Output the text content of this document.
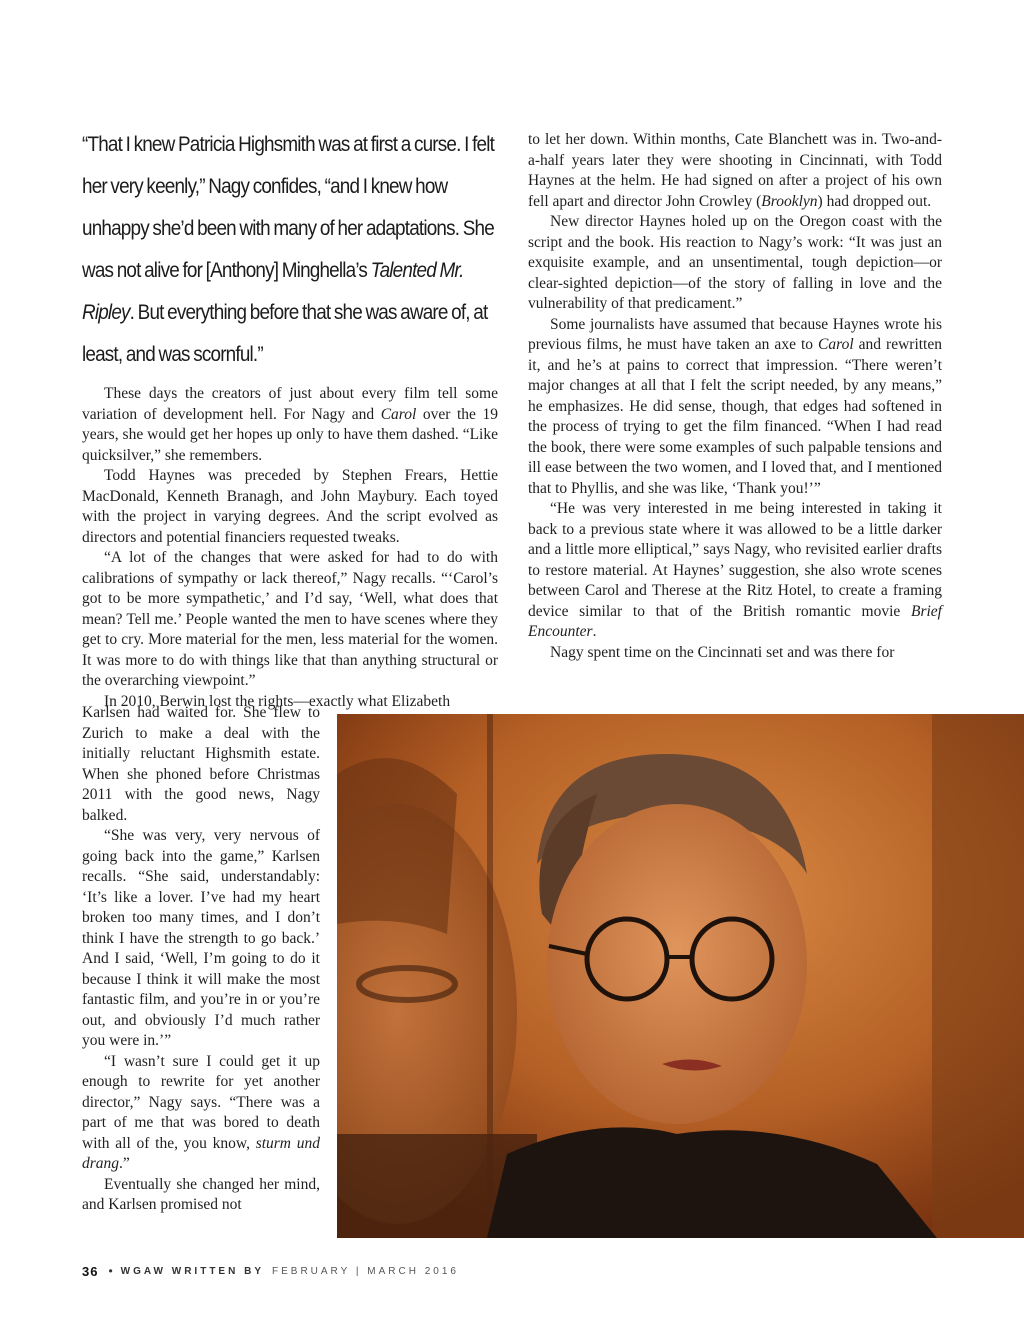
“That I knew Patricia Highsmith was at first a curse. I felt her very keenly,” Nagy confides, “and I knew how unhappy she’d been with many of her adaptations. She was not alive for [Anthony] Minghella’s Talented Mr. Ripley. But everything before that she was aware of, at least, and was scornful.”

These days the creators of just about every film tell some variation of development hell. For Nagy and Carol over the 19 years, she would get her hopes up only to have them dashed. “Like quicksilver,” she remembers.

Todd Haynes was preceded by Stephen Frears, Hettie MacDonald, Kenneth Branagh, and John Maybury. Each toyed with the project in varying degrees. And the script evolved as directors and potential financiers requested tweaks.

“A lot of the changes that were asked for had to do with calibrations of sympathy or lack thereof,” Nagy recalls. “‘Carol’s got to be more sympathetic,’ and I’d say, ‘Well, what does that mean? Tell me.’ People wanted the men to have scenes where they get to cry. More material for the men, less material for the women. It was more to do with things like that than anything structural or the overarching viewpoint.”

In 2010, Berwin lost the rights—exactly what Elizabeth

Karlsen had waited for. She flew to Zurich to make a deal with the initially reluctant Highsmith estate. When she phoned before Christmas 2011 with the good news, Nagy balked.

“She was very, very nervous of going back into the game,” Karlsen recalls. “She said, understandably: ‘It’s like a lover. I’ve had my heart broken too many times, and I don’t think I have the strength to go back.’ And I said, ‘Well, I’m going to do it because I think it will make the most fantastic film, and you’re in or you’re out, and obviously I’d much rather you were in.’”

“I wasn’t sure I could get it up enough to rewrite for yet another director,” Nagy says. “There was a part of me that was bored to death with all of the, you know, sturm und drang.”

Eventually she changed her mind, and Karlsen promised not

to let her down. Within months, Cate Blanchett was in. Two-and-a-half years later they were shooting in Cincinnati, with Todd Haynes at the helm. He had signed on after a project of his own fell apart and director John Crowley (Brooklyn) had dropped out.

New director Haynes holed up on the Oregon coast with the script and the book. His reaction to Nagy’s work: “It was just an exquisite example, and an unsentimental, tough depiction—or clear-sighted depiction—of the story of falling in love and the vulnerability of that predicament.”

Some journalists have assumed that because Haynes wrote his previous films, he must have taken an axe to Carol and rewritten it, and he’s at pains to correct that impression. “There weren’t major changes at all that I felt the script needed, by any means,” he emphasizes. He did sense, though, that edges had softened in the process of trying to get the film financed. “When I had read the book, there were some examples of such palpable tensions and ill ease between the two women, and I loved that, and I mentioned that to Phyllis, and she was like, ‘Thank you!’”

“He was very interested in me being interested in taking it back to a previous state where it was allowed to be a little darker and a little more elliptical,” says Nagy, who revisited earlier drafts to restore material. At Haynes’ suggestion, she also wrote scenes between Carol and Therese at the Ritz Hotel, to create a framing device similar to that of the British romantic movie Brief Encounter.

Nagy spent time on the Cincinnati set and was there for

36 • WGAW WRITTEN BY FEBRUARY | MARCH 2016
